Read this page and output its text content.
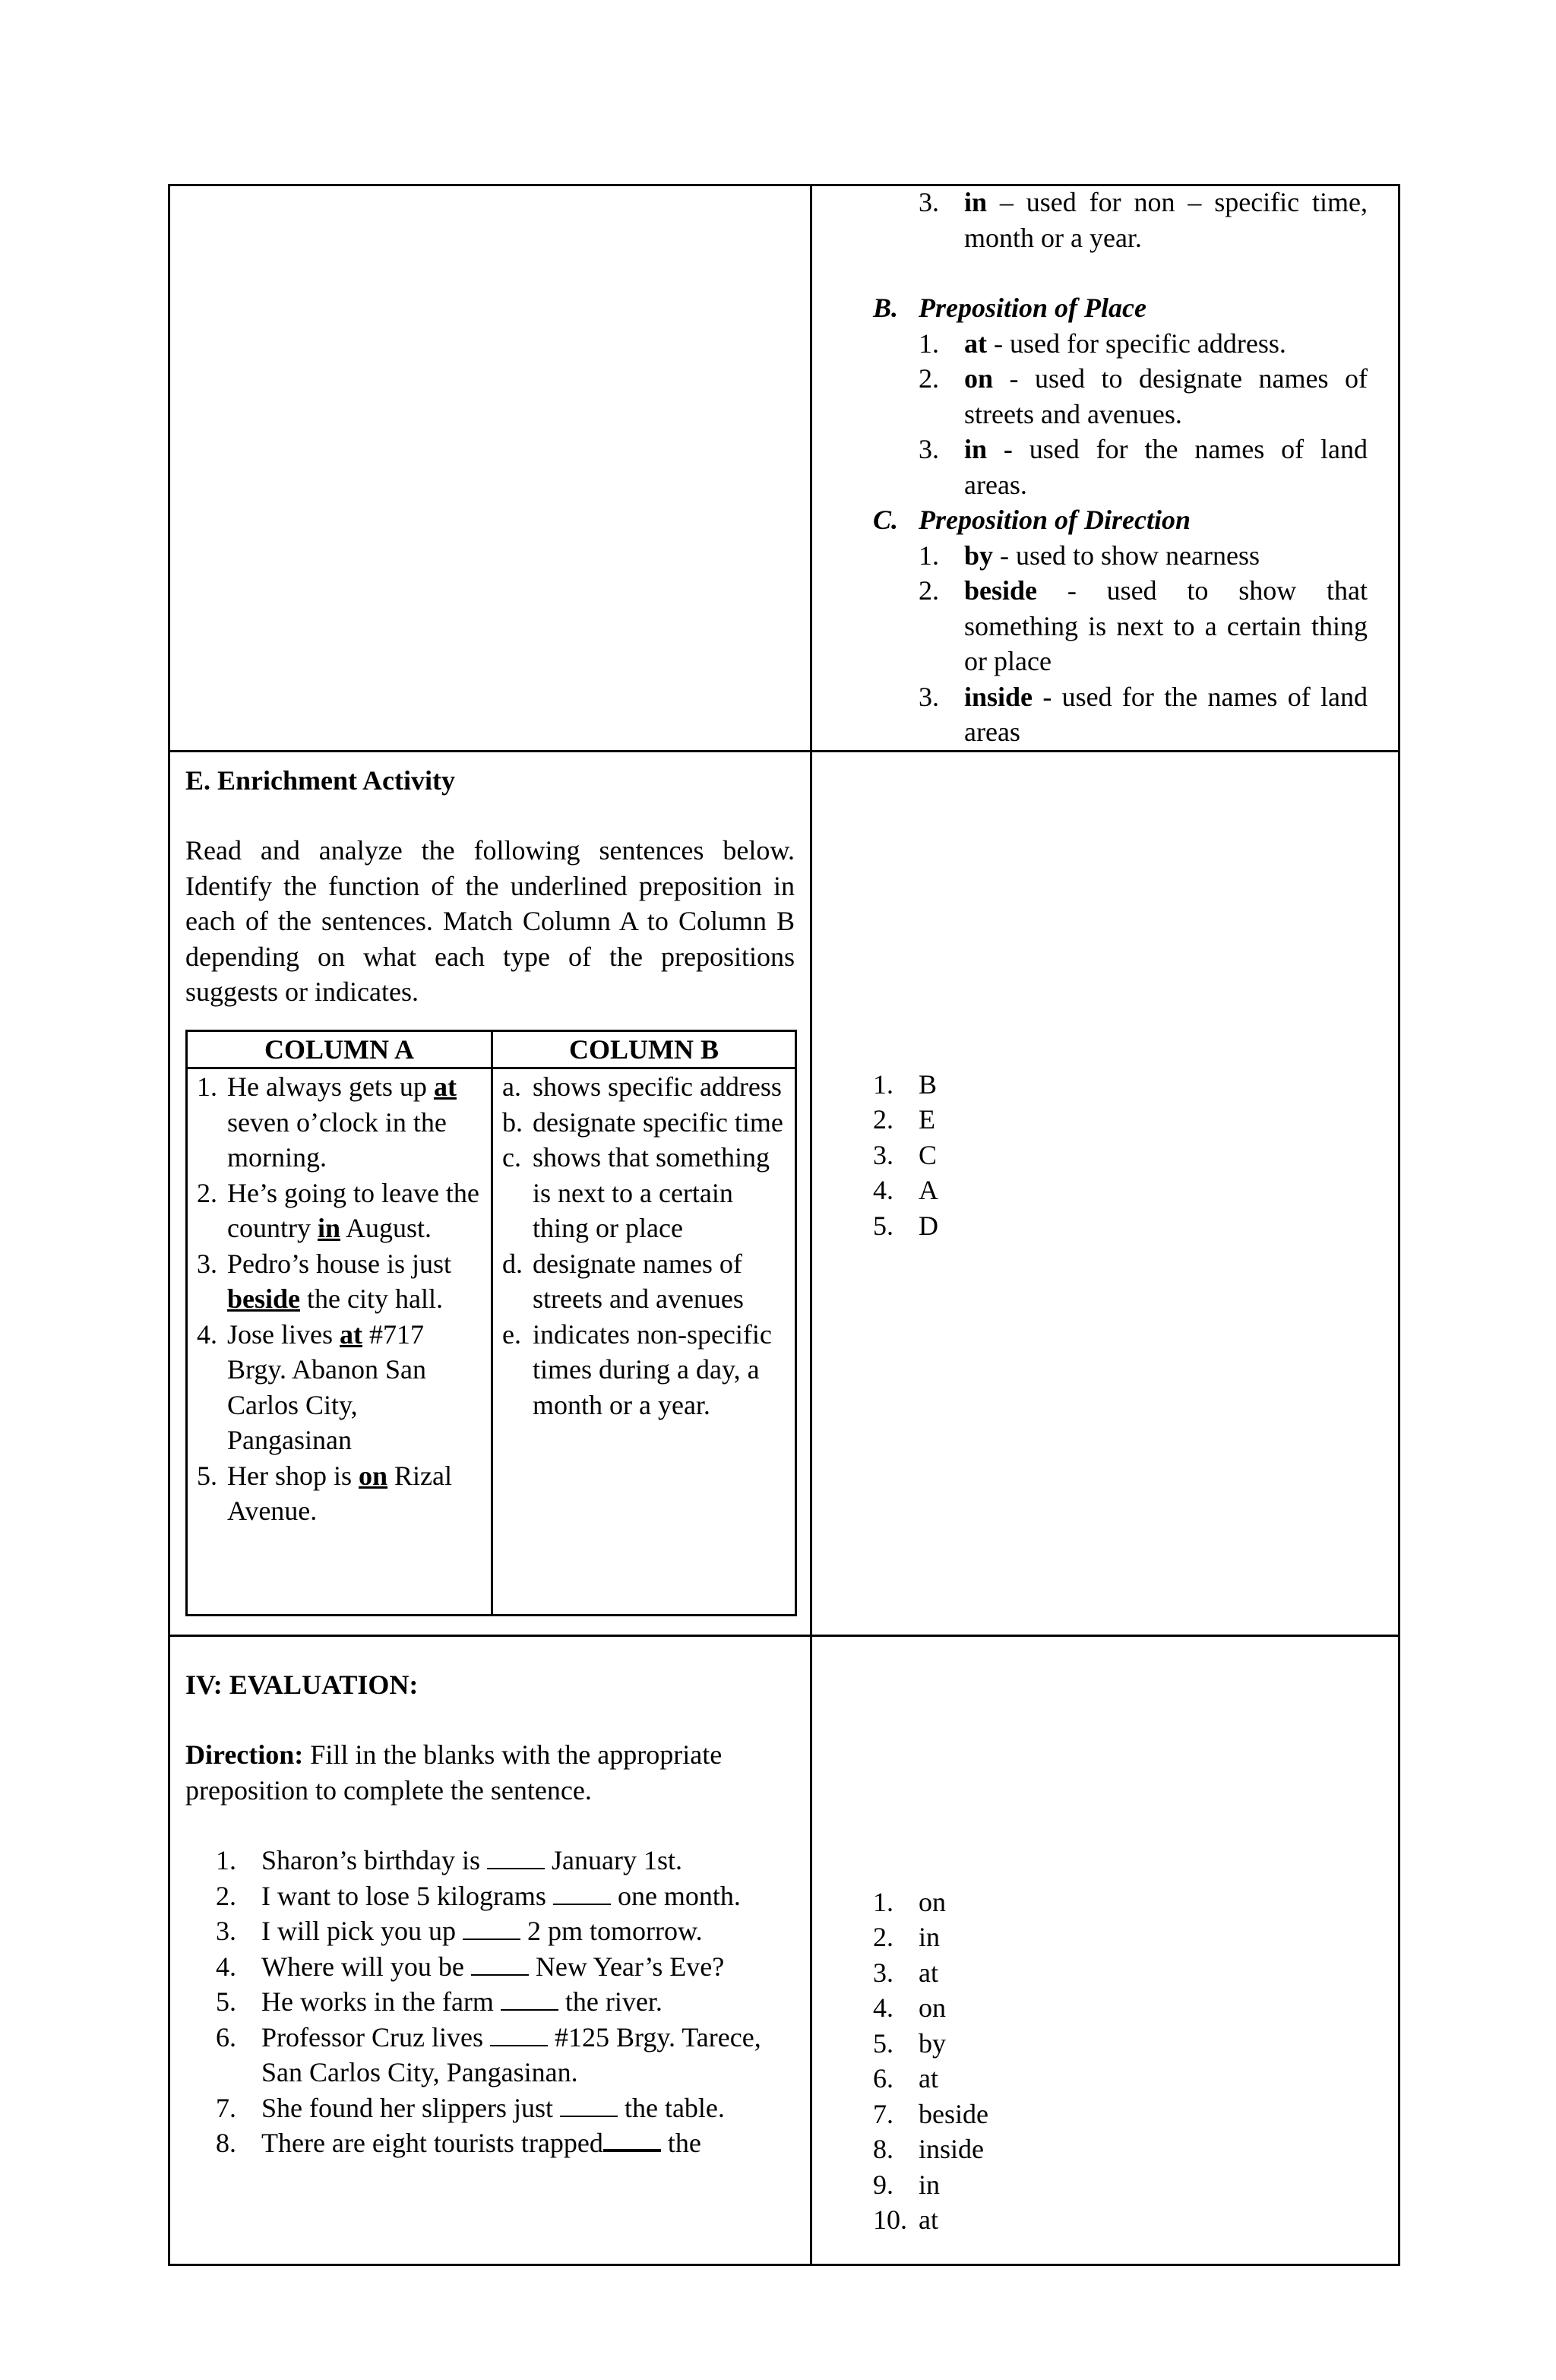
3. in – used for non – specific time, month or a year.
B. Preposition of Place
1. at - used for specific address.
2. on - used to designate names of streets and avenues.
3. in - used for the names of land areas.
C. Preposition of Direction
1. by - used to show nearness
2. beside - used to show that something is next to a certain thing or place
3. inside - used for the names of land areas

E. Enrichment Activity
Read and analyze the following sentences below. Identify the function of the underlined preposition in each of the sentences. Match Column A to Column B depending on what each type of the prepositions suggests or indicates.
COLUMN A	COLUMN B

1. He always gets up at seven o’clock in the morning.
2. He’s going to leave the country in August.
3. Pedro’s house is just beside the city hall.
4. Jose lives at #717 Brgy. Abanon San Carlos City, Pangasinan
5. Her shop is on Rizal Avenue.

a. shows specific address
b. designate specific time
c. shows that something is next to a certain thing or place
d. designate names of streets and avenues
e. indicates non-specific times during a day, a month or a year.

1. B
2. E
3. C
4. A
5. D

IV: EVALUATION:
Direction: Fill in the blanks with the appropriate preposition to complete the sentence.
1. Sharon’s birthday is  January 1st.
2. I want to lose 5 kilograms  one month.
3. I will pick you up  2 pm tomorrow.
4. Where will you be  New Year’s Eve?
5. He works in the farm  the river.
6. Professor Cruz lives  #125 Brgy. Tarece, San Carlos City, Pangasinan.
7. She found her slippers just  the table.
8. There are eight tourists trapped the

1. on
2. in
3. at
4. on
5. by
6. at
7. beside
8. inside
9. in
10. at
